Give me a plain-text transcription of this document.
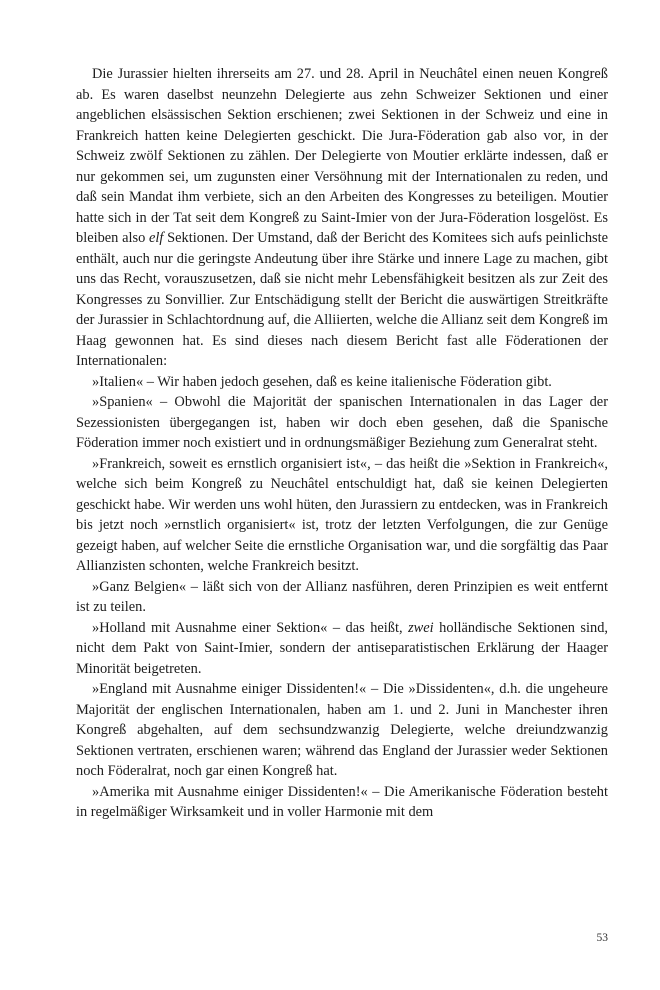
Die Jurassier hielten ihrerseits am 27. und 28. April in Neuchâtel einen neuen Kongreß ab. Es waren daselbst neunzehn Delegierte aus zehn Schweizer Sektionen und einer angeblichen elsässischen Sektion erschienen; zwei Sektionen in der Schweiz und eine in Frankreich hatten keine Delegierten geschickt. Die Jura-Föderation gab also vor, in der Schweiz zwölf Sektionen zu zählen. Der Delegierte von Moutier erklärte indessen, daß er nur gekommen sei, um zugunsten einer Versöhnung mit der Internationalen zu reden, und daß sein Mandat ihm verbiete, sich an den Arbeiten des Kongresses zu beteiligen. Moutier hatte sich in der Tat seit dem Kongreß zu Saint-Imier von der Jura-Föderation losgelöst. Es bleiben also elf Sektionen. Der Umstand, daß der Bericht des Komitees sich aufs peinlichste enthält, auch nur die geringste Andeutung über ihre Stärke und innere Lage zu machen, gibt uns das Recht, vorauszusetzen, daß sie nicht mehr Lebensfähigkeit besitzen als zur Zeit des Kongresses zu Sonvillier. Zur Entschädigung stellt der Bericht die auswärtigen Streitkräfte der Jurassier in Schlachtordnung auf, die Alliierten, welche die Allianz seit dem Kongreß im Haag gewonnen hat. Es sind dieses nach diesem Bericht fast alle Föderationen der Internationalen:

»Italien« – Wir haben jedoch gesehen, daß es keine italienische Föderation gibt.

»Spanien« – Obwohl die Majorität der spanischen Internationalen in das Lager der Sezessionisten übergegangen ist, haben wir doch eben gesehen, daß die Spanische Föderation immer noch existiert und in ordnungsmäßiger Beziehung zum Generalrat steht.

»Frankreich, soweit es ernstlich organisiert ist«, – das heißt die »Sektion in Frankreich«, welche sich beim Kongreß zu Neuchâtel entschuldigt hat, daß sie keinen Delegierten geschickt habe. Wir werden uns wohl hüten, den Jurassiern zu entdecken, was in Frankreich bis jetzt noch »ernstlich organisiert« ist, trotz der letzten Verfolgungen, die zur Genüge gezeigt haben, auf welcher Seite die ernstliche Organisation war, und die sorgfältig das Paar Allianzisten schonten, welche Frankreich besitzt.

»Ganz Belgien« – läßt sich von der Allianz nasführen, deren Prinzipien es weit entfernt ist zu teilen.

»Holland mit Ausnahme einer Sektion« – das heißt, zwei holländische Sektionen sind, nicht dem Pakt von Saint-Imier, sondern der antiseparatistischen Erklärung der Haager Minorität beigetreten.

»England mit Ausnahme einiger Dissidenten!« – Die »Dissidenten«, d.h. die ungeheure Majorität der englischen Internationalen, haben am 1. und 2. Juni in Manchester ihren Kongreß abgehalten, auf dem sechsundzwanzig Delegierte, welche dreiundzwanzig Sektionen vertraten, erschienen waren; während das England der Jurassier weder Sektionen noch Föderalrat, noch gar einen Kongreß hat.

»Amerika mit Ausnahme einiger Dissidenten!« – Die Amerikanische Föderation besteht in regelmäßiger Wirksamkeit und in voller Harmonie mit dem

53
